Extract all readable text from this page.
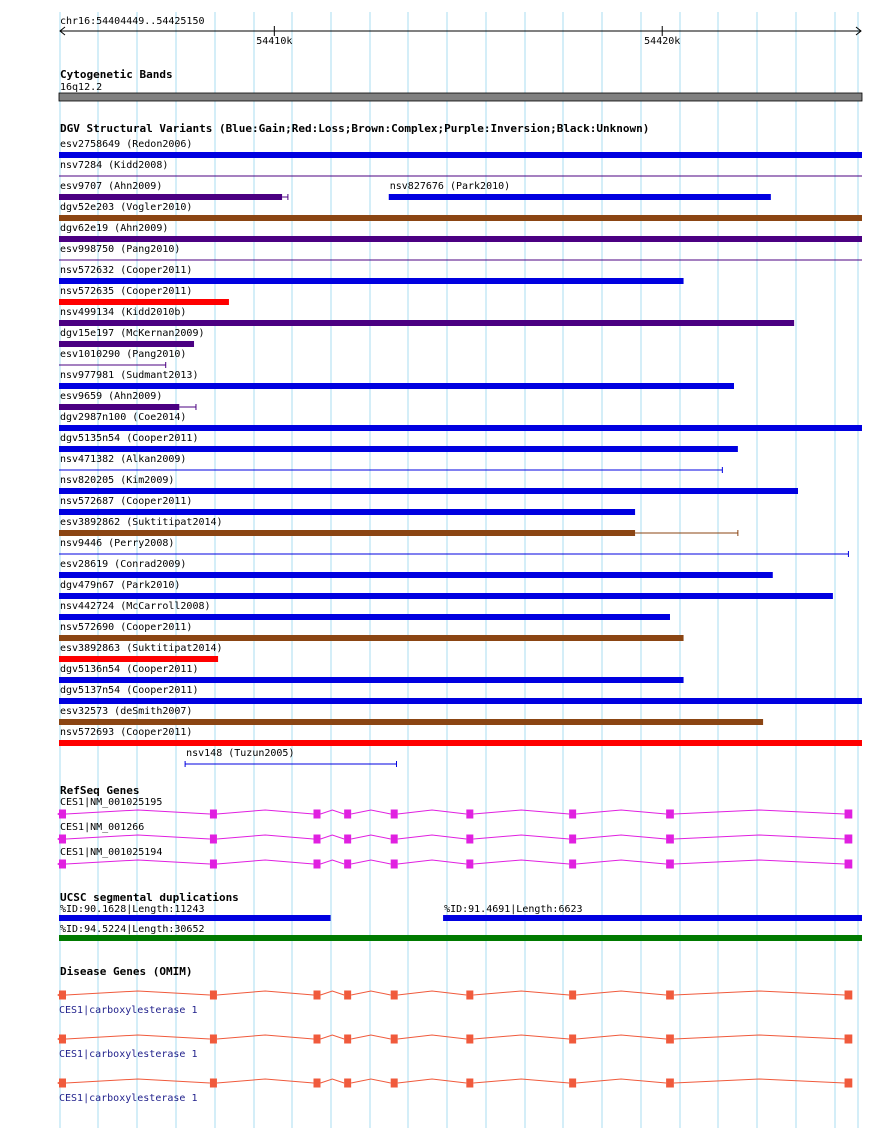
chr16:54404449..54425150
54410k	54420k
Cytogenetic Bands
16q12.2
DGV Structural Variants (Blue:Gain;Red:Loss;Brown:Complex;Purple:Inversion;Black:Unknown)
esv2758649 (Redon2006)
nsv7284 (Kidd2008)
esv9707 (Ahn2009)	nsv827676 (Park2010)
dgv52e203 (Vogler2010)
dgv62e19 (Ahn2009)
esv998750 (Pang2010)
nsv572632 (Cooper2011)
nsv572635 (Cooper2011)
nsv499134 (Kidd2010b)
dgv15e197 (McKernan2009)
esv1010290 (Pang2010)
nsv977981 (Sudmant2013)
esv9659 (Ahn2009)
dgv2987n100 (Coe2014)
dgv5135n54 (Cooper2011)
nsv471382 (Alkan2009)
nsv820205 (Kim2009)
nsv572687 (Cooper2011)
esv3892862 (Suktitipat2014)
nsv9446 (Perry2008)
esv28619 (Conrad2009)
dgv479n67 (Park2010)
nsv442724 (McCarroll2008)
nsv572690 (Cooper2011)
esv3892863 (Suktitipat2014)
dgv5136n54 (Cooper2011)
dgv5137n54 (Cooper2011)
esv32573 (deSmith2007)
nsv572693 (Cooper2011)
nsv148 (Tuzun2005)
RefSeq Genes
CES1|NM_001025195
CES1|NM_001266
CES1|NM_001025194
UCSC segmental duplications
%ID:90.1628|Length:11243	%ID:91.4691|Length:6623
%ID:94.5224|Length:30652
Disease Genes (OMIM)
CES1|carboxylesterase 1
CES1|carboxylesterase 1
CES1|carboxylesterase 1
